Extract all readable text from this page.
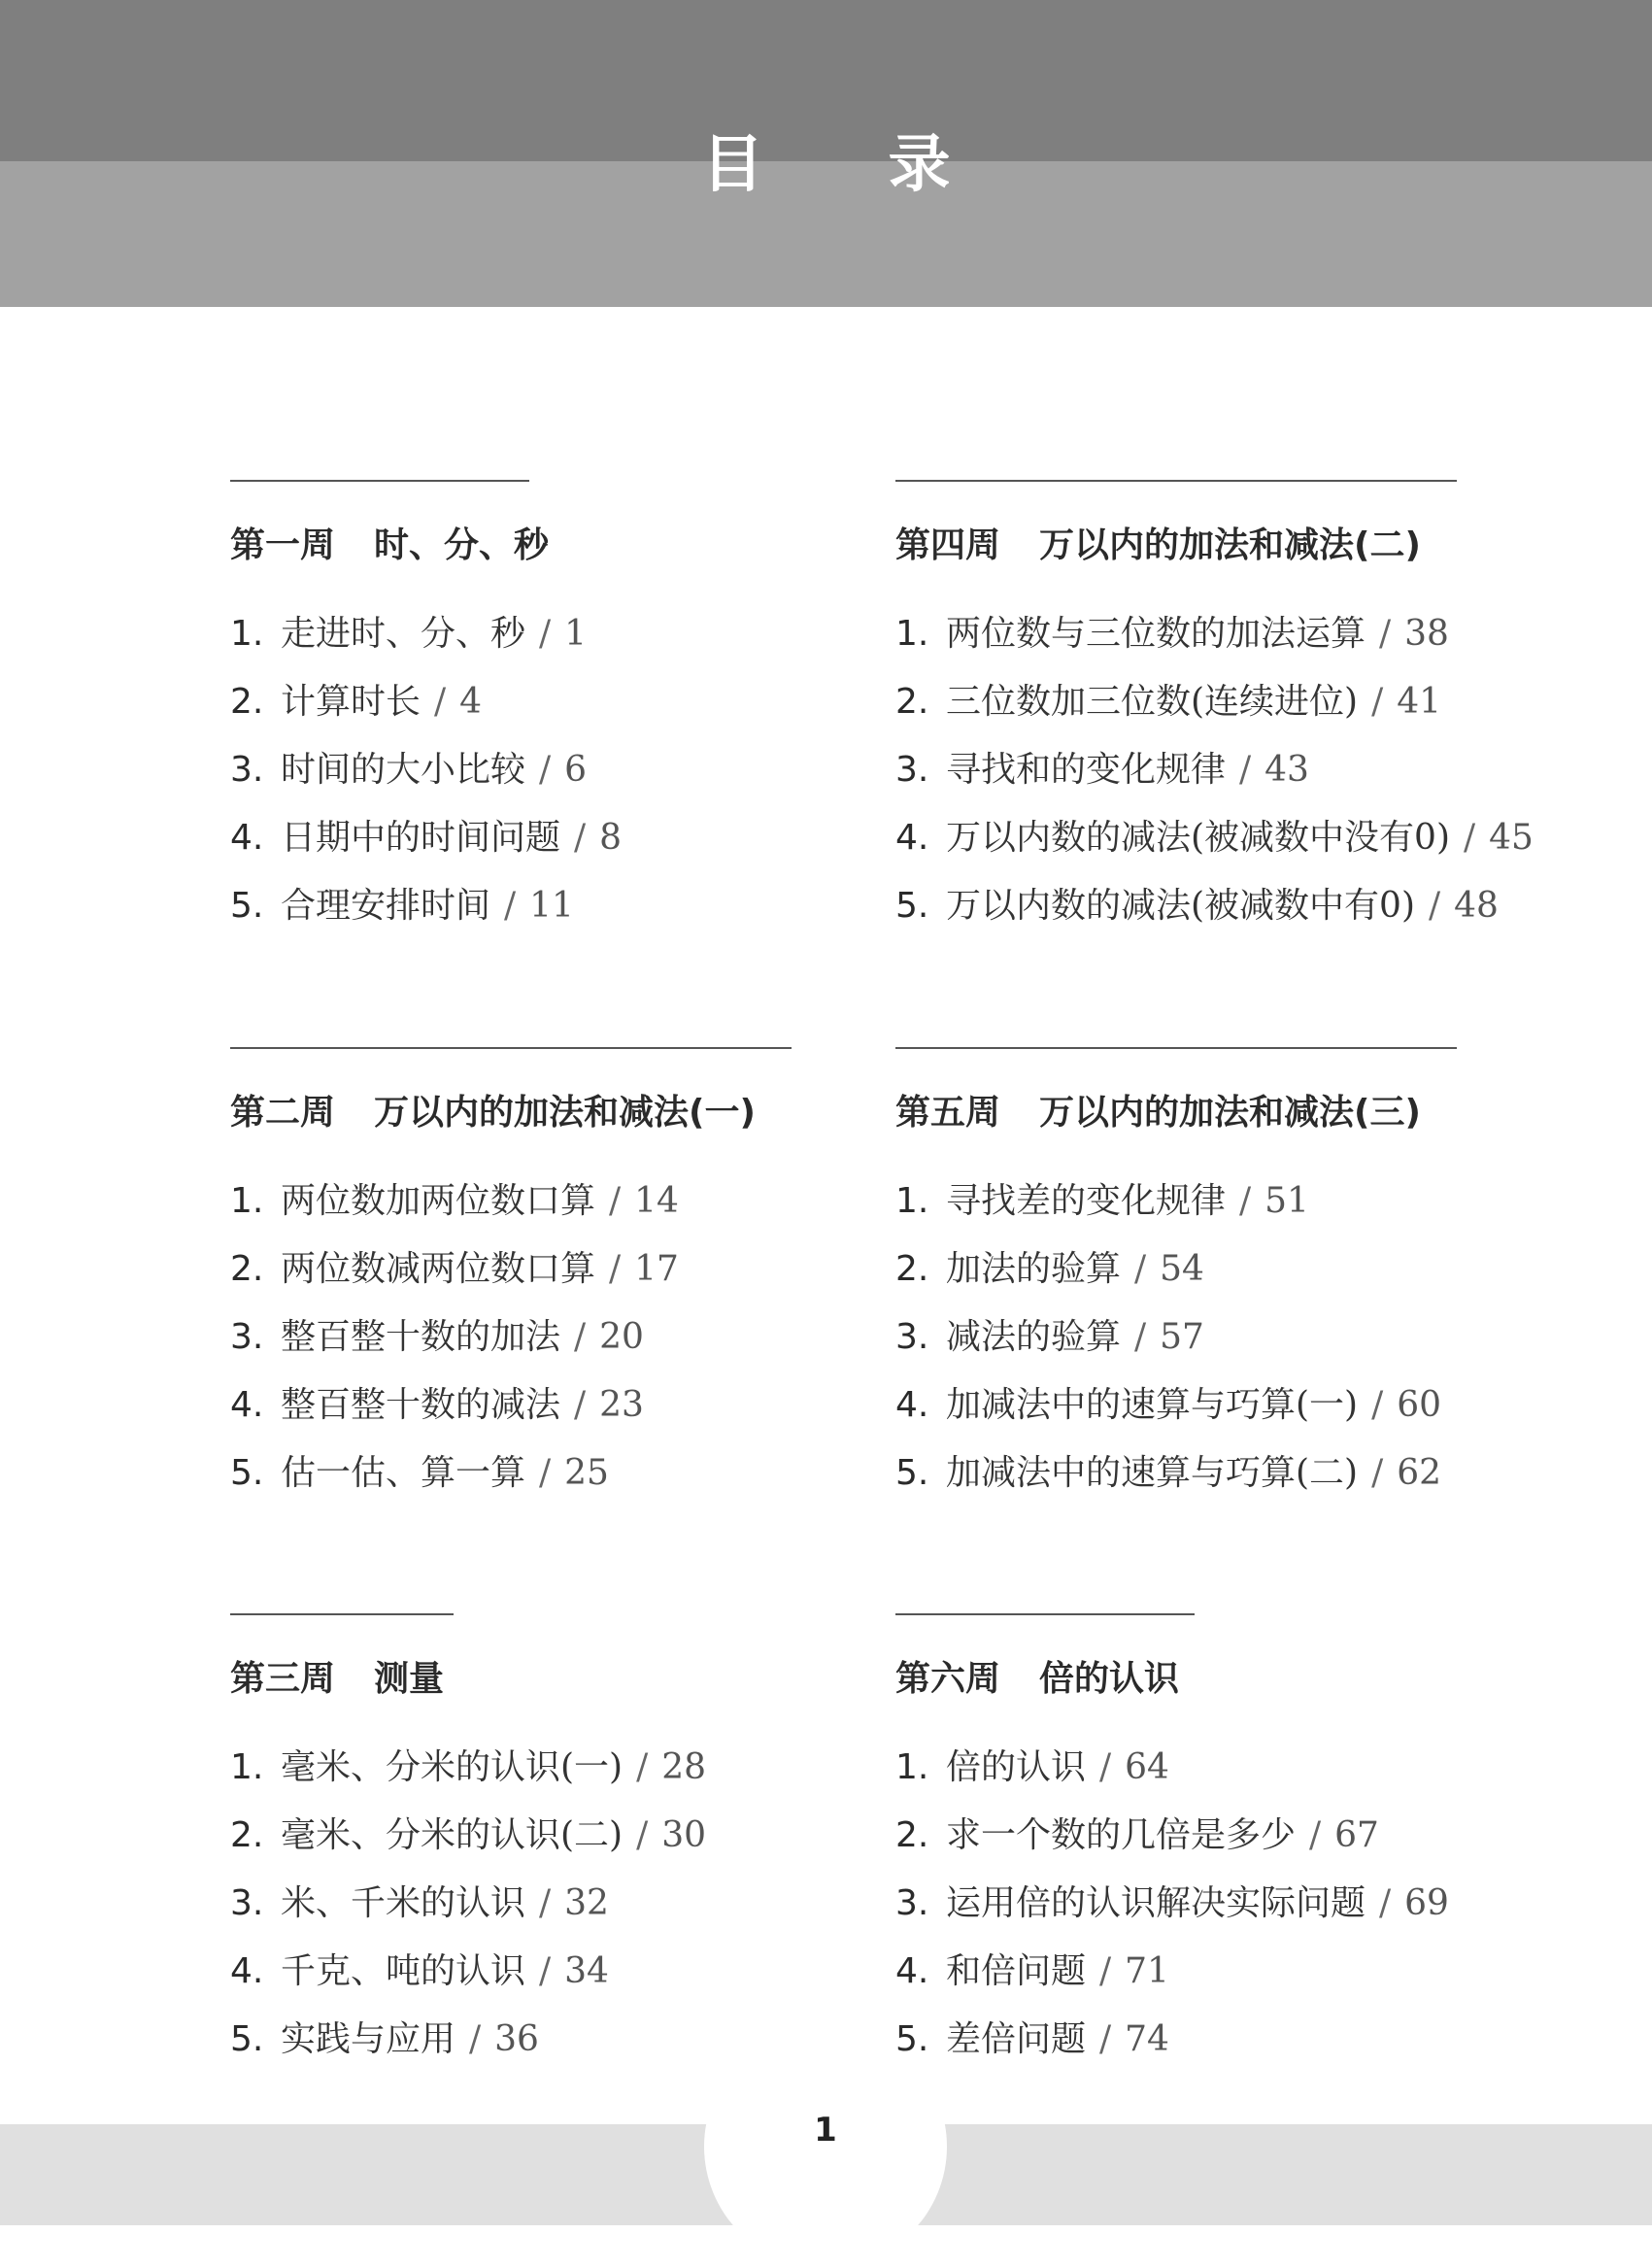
目录
第一周 时、分、秒
1. 走进时、分、秒 / 1
2. 计算时长 / 4
3. 时间的大小比较 / 6
4. 日期中的时间问题 / 8
5. 合理安排时间 / 11
第二周 万以内的加法和减法(一)
1. 两位数加两位数口算 / 14
2. 两位数减两位数口算 / 17
3. 整百整十数的加法 / 20
4. 整百整十数的减法 / 23
5. 估一估、算一算 / 25
第三周 测量
1. 毫米、分米的认识(一) / 28
2. 毫米、分米的认识(二) / 30
3. 米、千米的认识 / 32
4. 千克、吨的认识 / 34
5. 实践与应用 / 36
第四周 万以内的加法和减法(二)
1. 两位数与三位数的加法运算 / 38
2. 三位数加三位数(连续进位) / 41
3. 寻找和的变化规律 / 43
4. 万以内数的减法(被减数中没有0) / 45
5. 万以内数的减法(被减数中有0) / 48
第五周 万以内的加法和减法(三)
1. 寻找差的变化规律 / 51
2. 加法的验算 / 54
3. 减法的验算 / 57
4. 加减法中的速算与巧算(一) / 60
5. 加减法中的速算与巧算(二) / 62
第六周 倍的认识
1. 倍的认识 / 64
2. 求一个数的几倍是多少 / 67
3. 运用倍的认识解决实际问题 / 69
4. 和倍问题 / 71
5. 差倍问题 / 74
1
